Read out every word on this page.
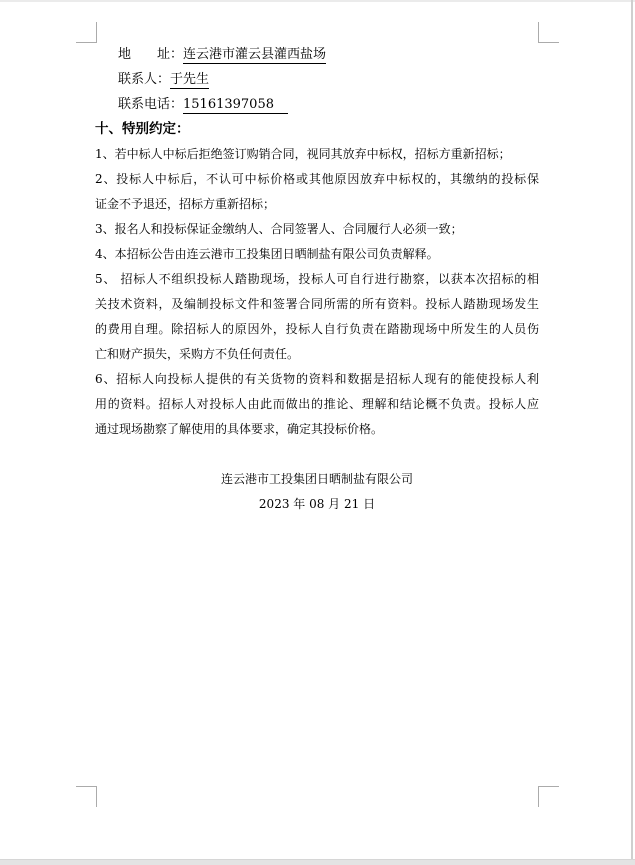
地　　址：连云港市灌云县灌西盐场
联系人：于先生
联系电话：15161397058
十、特别约定：
1、若中标人中标后拒绝签订购销合同，视同其放弃中标权，招标方重新招标；
2、投标人中标后，不认可中标价格或其他原因放弃中标权的，其缴纳的投标保
证金不予退还，招标方重新招标；
3、报名人和投标保证金缴纳人、合同签署人、合同履行人必须一致；
4、本招标公告由连云港市工投集团日晒制盐有限公司负责解释。
5、 招标人不组织投标人踏勘现场，投标人可自行进行勘察，以获本次招标的相
关技术资料，及编制投标文件和签署合同所需的所有资料。投标人踏勘现场发生
的费用自理。除招标人的原因外，投标人自行负责在踏勘现场中所发生的人员伤
亡和财产损失，采购方不负任何责任。
6、招标人向投标人提供的有关货物的资料和数据是招标人现有的能使投标人利
用的资料。招标人对投标人由此而做出的推论、理解和结论概不负责。投标人应
通过现场勘察了解使用的具体要求，确定其投标价格。
连云港市工投集团日晒制盐有限公司
2023 年 08 月 21 日
